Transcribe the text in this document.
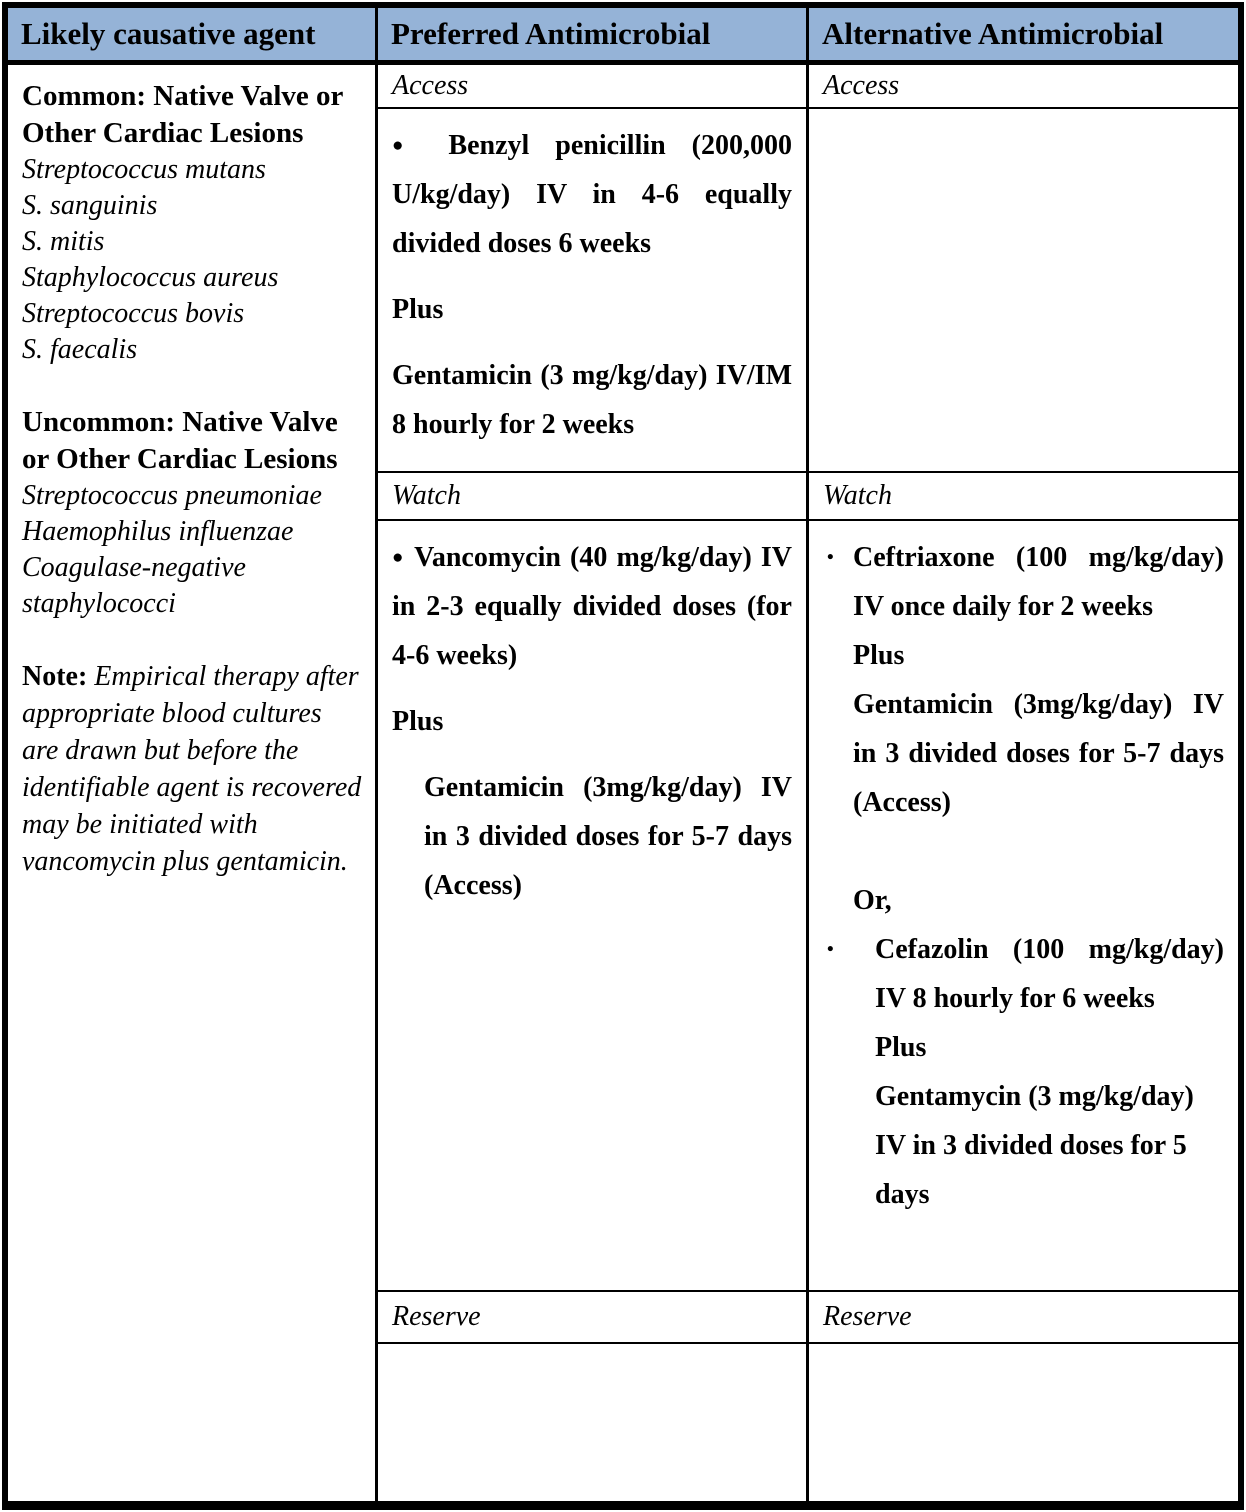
Likely causative agent	Preferred Antimicrobial	Alternative Antimicrobial

Common: Native Valve or Other Cardiac Lesions

Streptococcus mutans

S. sanguinis

S. mitis

Staphylococcus aureus

Streptococcus bovis

S. faecalis

Uncommon: Native Valve or Other Cardiac Lesions

Streptococcus pneumoniae

Haemophilus influenzae

Coagulase-negative staphylococci

Note: Empirical therapy after appropriate blood cultures are drawn but before the identifiable agent is recovered may be initiated with vancomycin plus gentamicin.

Access

● Benzyl penicillin (200,000 U/kg/day) IV in 4-6 equally divided doses 6 weeks

Plus

Gentamicin (3 mg/kg/day) IV/IM 8 hourly for 2 weeks

Watch

● Vancomycin (40 mg/kg/day) IV in 2-3 equally divided doses (for 4-6 weeks)

Plus

Gentamicin (3mg/kg/day) IV in 3 divided doses for 5-7 days (Access)

Reserve
Access
Watch
• Ceftriaxone (100 mg/kg/day) IV once daily for 2 weeks

Plus

Gentamicin (3mg/kg/day) IV in 3 divided doses for 5-7 days (Access)

Or,

• Cefazolin (100 mg/kg/day) IV 8 hourly for 6 weeks

Plus

Gentamycin (3 mg/kg/day) IV in 3 divided doses for 5 days

Reserve
